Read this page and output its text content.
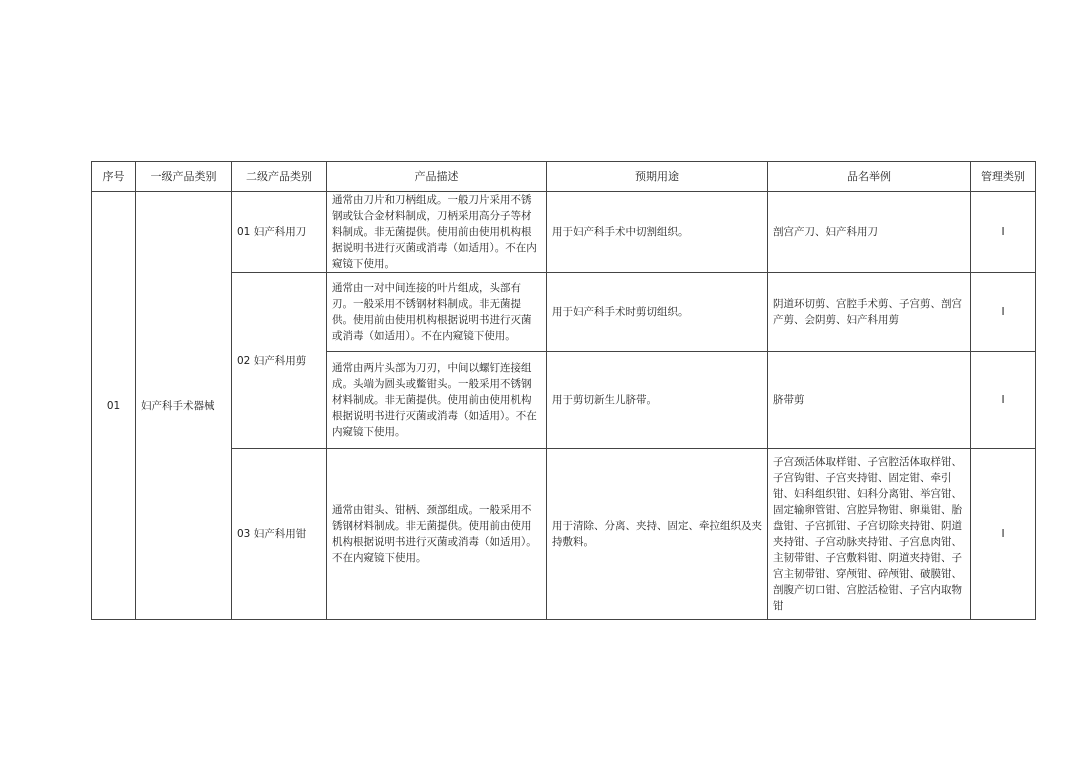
序号	一级产品类别	二级产品类别	产品描述	预期用途	品名举例	管理类别
01	妇产科手术器械	01 妇产科用刀	通常由刀片和刀柄组成。一般刀片采用不锈钢或钛合金材料制成，刀柄采用高分子等材料制成。非无菌提供。使用前由使用机构根据说明书进行灭菌或消毒（如适用）。不在内窥镜下使用。	用于妇产科手术中切割组织。	剖宫产刀、妇产科用刀	I
		02 妇产科用剪	通常由一对中间连接的叶片组成，头部有刃。一般采用不锈钢材料制成。非无菌提供。使用前由使用机构根据说明书进行灭菌或消毒（如适用）。不在内窥镜下使用。	用于妇产科手术时剪切组织。	阴道环切剪、宫腔手术剪、子宫剪、剖宫产剪、会阴剪、妇产科用剪	I
			通常由两片头部为刀刃，中间以螺钉连接组成。头端为圆头或鳖钳头。一般采用不锈钢材料制成。非无菌提供。使用前由使用机构根据说明书进行灭菌或消毒（如适用）。不在内窥镜下使用。	用于剪切新生儿脐带。	脐带剪	I
		03 妇产科用钳	通常由钳头、钳柄、颈部组成。一般采用不锈钢材料制成。非无菌提供。使用前由使用机构根据说明书进行灭菌或消毒（如适用）。不在内窥镜下使用。	用于清除、分离、夹持、固定、牵拉组织及夹持敷料。	子宫颈活体取样钳、子宫腔活体取样钳、子宫钩钳、子宫夹持钳、固定钳、牵引钳、妇科组织钳、妇科分离钳、举宫钳、固定输卵管钳、宫腔异物钳、卵巢钳、胎盘钳、子宫抓钳、子宫切除夹持钳、阴道夹持钳、子宫动脉夹持钳、子宫息肉钳、主韧带钳、子宫敷料钳、阴道夹持钳、子宫主韧带钳、穿颅钳、碎颅钳、破膜钳、剖腹产切口钳、宫腔活检钳、子宫内取物钳	I
